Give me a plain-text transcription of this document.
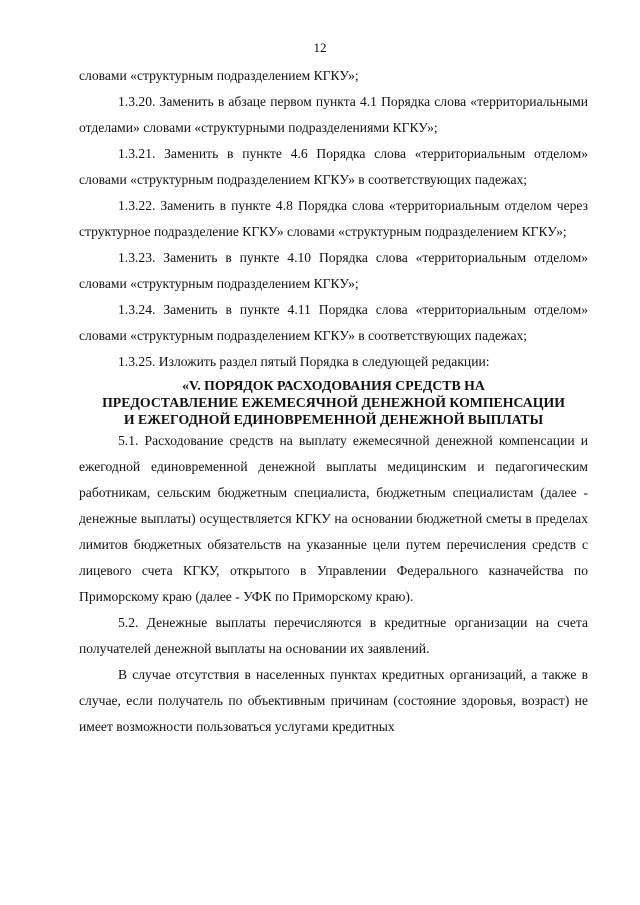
12

словами «структурным подразделением КГКУ»;

1.3.20. Заменить в абзаце первом пункта 4.1 Порядка слова «территориальными отделами» словами «структурными подразделениями КГКУ»;

1.3.21. Заменить в пункте 4.6 Порядка слова «территориальным отделом» словами «структурным подразделением КГКУ» в соответствующих падежах;

1.3.22. Заменить в пункте 4.8 Порядка слова «территориальным отделом через структурное подразделение КГКУ» словами «структурным подразделением КГКУ»;

1.3.23. Заменить в пункте 4.10 Порядка слова «территориальным отделом» словами «структурным подразделением КГКУ»;

1.3.24. Заменить в пункте 4.11 Порядка слова «территориальным отделом» словами «структурным подразделением КГКУ» в соответствующих падежах;

1.3.25. Изложить раздел пятый Порядка в следующей редакции:

«V. ПОРЯДОК РАСХОДОВАНИЯ СРЕДСТВ НА
ПРЕДОСТАВЛЕНИЕ ЕЖЕМЕСЯЧНОЙ ДЕНЕЖНОЙ КОМПЕНСАЦИИ
И ЕЖЕГОДНОЙ ЕДИНОВРЕМЕННОЙ ДЕНЕЖНОЙ ВЫПЛАТЫ

5.1. Расходование средств на выплату ежемесячной денежной компенсации и ежегодной единовременной денежной выплаты медицинским и педагогическим работникам, сельским бюджетным специалиста, бюджетным специалистам (далее - денежные выплаты) осуществляется КГКУ на основании бюджетной сметы в пределах лимитов бюджетных обязательств на указанные цели путем перечисления средств с лицевого счета КГКУ, открытого в Управлении Федерального казначейства по Приморскому краю (далее - УФК по Приморскому краю).

5.2. Денежные выплаты перечисляются в кредитные организации на счета получателей денежной выплаты на основании их заявлений.

В случае отсутствия в населенных пунктах кредитных организаций, а также в случае, если получатель по объективным причинам (состояние здоровья, возраст) не имеет возможности пользоваться услугами кредитных
